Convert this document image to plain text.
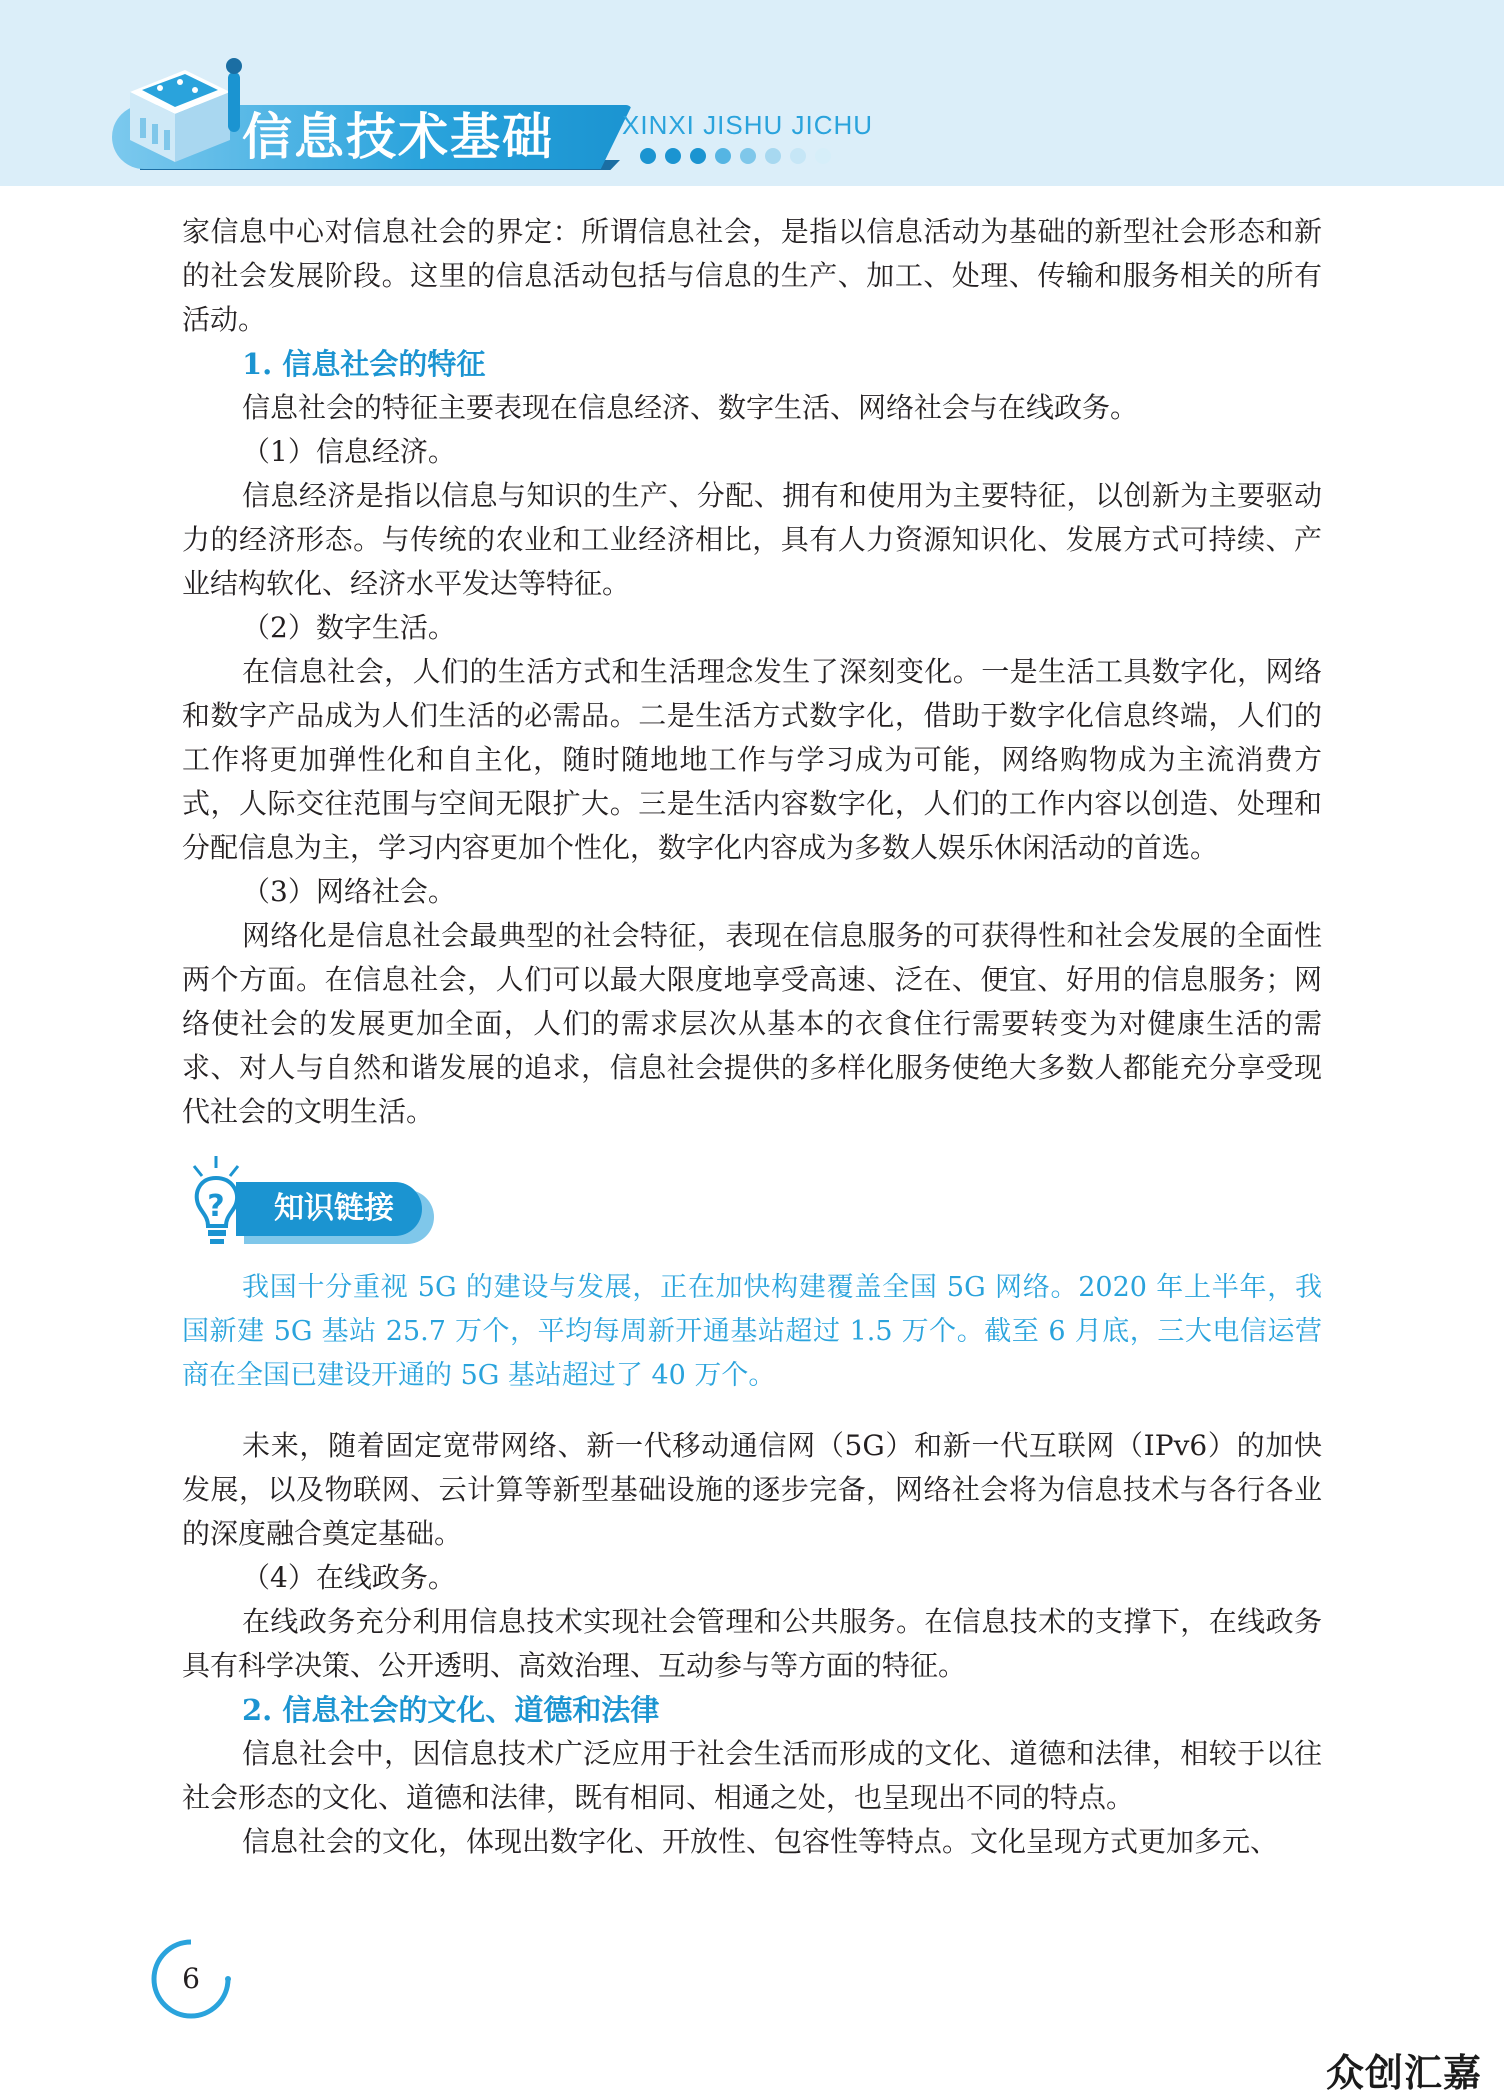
信息技术基础	XINXI JISHU JICHU

家信息中心对信息社会的界定：所谓信息社会，是指以信息活动为基础的新型社会形态和新的社会发展阶段。这里的信息活动包括与信息的生产、加工、处理、传输和服务相关的所有活动。

1. 信息社会的特征

信息社会的特征主要表现在信息经济、数字生活、网络社会与在线政务。

（1）信息经济。

信息经济是指以信息与知识的生产、分配、拥有和使用为主要特征，以创新为主要驱动力的经济形态。与传统的农业和工业经济相比，具有人力资源知识化、发展方式可持续、产业结构软化、经济水平发达等特征。

（2）数字生活。

在信息社会，人们的生活方式和生活理念发生了深刻变化。一是生活工具数字化，网络和数字产品成为人们生活的必需品。二是生活方式数字化，借助于数字化信息终端，人们的工作将更加弹性化和自主化，随时随地地工作与学习成为可能，网络购物成为主流消费方式，人际交往范围与空间无限扩大。三是生活内容数字化，人们的工作内容以创造、处理和分配信息为主，学习内容更加个性化，数字化内容成为多数人娱乐休闲活动的首选。

（3）网络社会。

网络化是信息社会最典型的社会特征，表现在信息服务的可获得性和社会发展的全面性两个方面。在信息社会，人们可以最大限度地享受高速、泛在、便宜、好用的信息服务；网络使社会的发展更加全面，人们的需求层次从基本的衣食住行需要转变为对健康生活的需求、对人与自然和谐发展的追求，信息社会提供的多样化服务使绝大多数人都能充分享受现代社会的文明生活。

知识链接
?

我国十分重视 5G 的建设与发展，正在加快构建覆盖全国 5G 网络。2020 年上半年，我国新建 5G 基站 25.7 万个，平均每周新开通基站超过 1.5 万个。截至 6 月底，三大电信运营商在全国已建设开通的 5G 基站超过了 40 万个。

未来，随着固定宽带网络、新一代移动通信网（5G）和新一代互联网（IPv6）的加快发展，以及物联网、云计算等新型基础设施的逐步完备，网络社会将为信息技术与各行各业的深度融合奠定基础。

（4）在线政务。

在线政务充分利用信息技术实现社会管理和公共服务。在信息技术的支撑下，在线政务具有科学决策、公开透明、高效治理、互动参与等方面的特征。

2. 信息社会的文化、道德和法律

信息社会中，因信息技术广泛应用于社会生活而形成的文化、道德和法律，相较于以往社会形态的文化、道德和法律，既有相同、相通之处，也呈现出不同的特点。

信息社会的文化，体现出数字化、开放性、包容性等特点。文化呈现方式更加多元、

6
众创汇嘉
